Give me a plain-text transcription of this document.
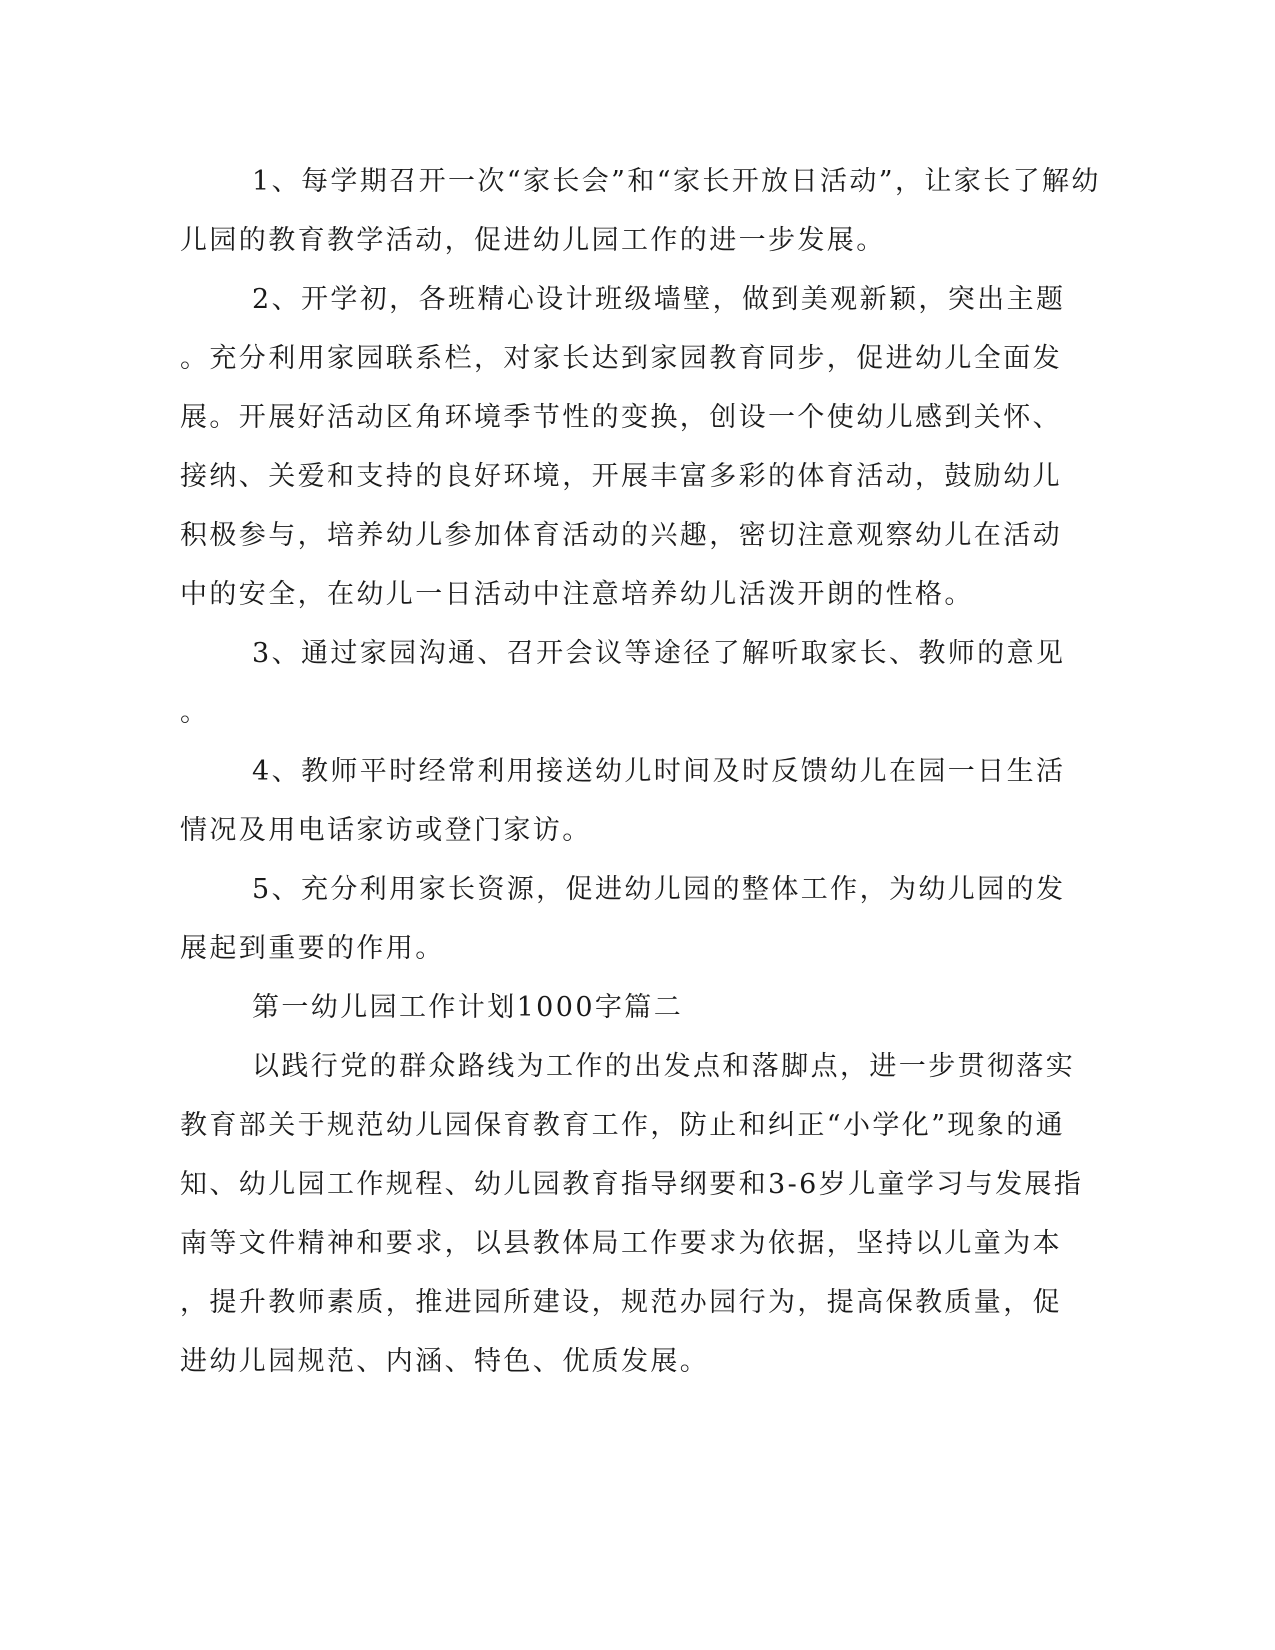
1、每学期召开一次“家长会”和“家长开放日活动”，让家长了解幼
儿园的教育教学活动，促进幼儿园工作的进一步发展。
2、开学初，各班精心设计班级墙壁，做到美观新颖，突出主题
。充分利用家园联系栏，对家长达到家园教育同步，促进幼儿全面发
展。开展好活动区角环境季节性的变换，创设一个使幼儿感到关怀、
接纳、关爱和支持的良好环境，开展丰富多彩的体育活动，鼓励幼儿
积极参与，培养幼儿参加体育活动的兴趣，密切注意观察幼儿在活动
中的安全，在幼儿一日活动中注意培养幼儿活泼开朗的性格。
3、通过家园沟通、召开会议等途径了解听取家长、教师的意见
。
4、教师平时经常利用接送幼儿时间及时反馈幼儿在园一日生活
情况及用电话家访或登门家访。
5、充分利用家长资源，促进幼儿园的整体工作，为幼儿园的发
展起到重要的作用。
第一幼儿园工作计划1000字篇二
以践行党的群众路线为工作的出发点和落脚点，进一步贯彻落实
教育部关于规范幼儿园保育教育工作，防止和纠正“小学化”现象的通
知、幼儿园工作规程、幼儿园教育指导纲要和3-6岁儿童学习与发展指
南等文件精神和要求，以县教体局工作要求为依据，坚持以儿童为本
，提升教师素质，推进园所建设，规范办园行为，提高保教质量，促
进幼儿园规范、内涵、特色、优质发展。
